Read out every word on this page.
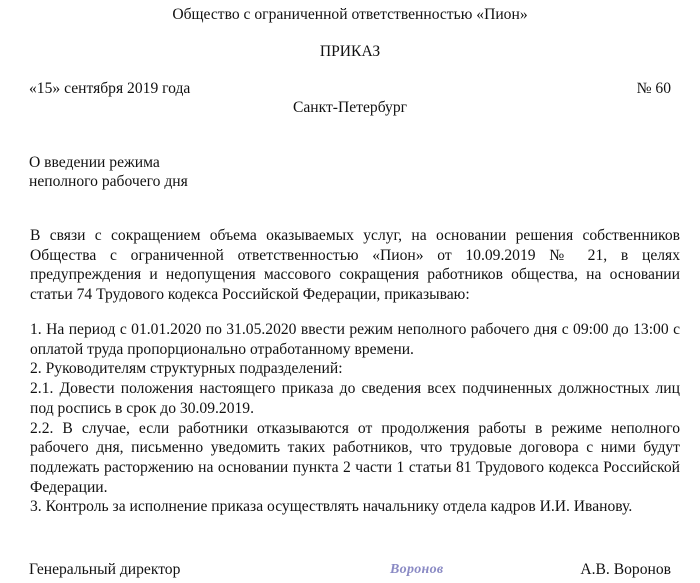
Общество с ограниченной ответственностью «Пион»
ПРИКАЗ
«15» сентября 2019 года	№ 60
Санкт-Петербург
О введении режима
неполного рабочего дня

В связи с сокращением объема оказываемых услуг, на основании решения собственников Общества с ограниченной ответственностью «Пион» от 10.09.2019 № 21, в целях предупреждения и недопущения массового сокращения работников общества, на основании статьи 74 Трудового кодекса Российской Федерации, приказываю:

1. На период с 01.01.2020 по 31.05.2020 ввести режим неполного рабочего дня с 09:00 до 13:00 с оплатой труда пропорционально отработанному времени.

2. Руководителям структурных подразделений:

2.1. Довести положения настоящего приказа до сведения всех подчиненных должностных лиц под роспись в срок до 30.09.2019.

2.2. В случае, если работники отказываются от продолжения работы в режиме неполного рабочего дня, письменно уведомить таких работников, что трудовые договора с ними будут подлежать расторжению на основании пункта 2 части 1 статьи 81 Трудового кодекса Российской Федерации.

3. Контроль за исполнение приказа осуществлять начальнику отдела кадров И.И. Иванову.

Генеральный директор	Воронов	А.В. Воронов
